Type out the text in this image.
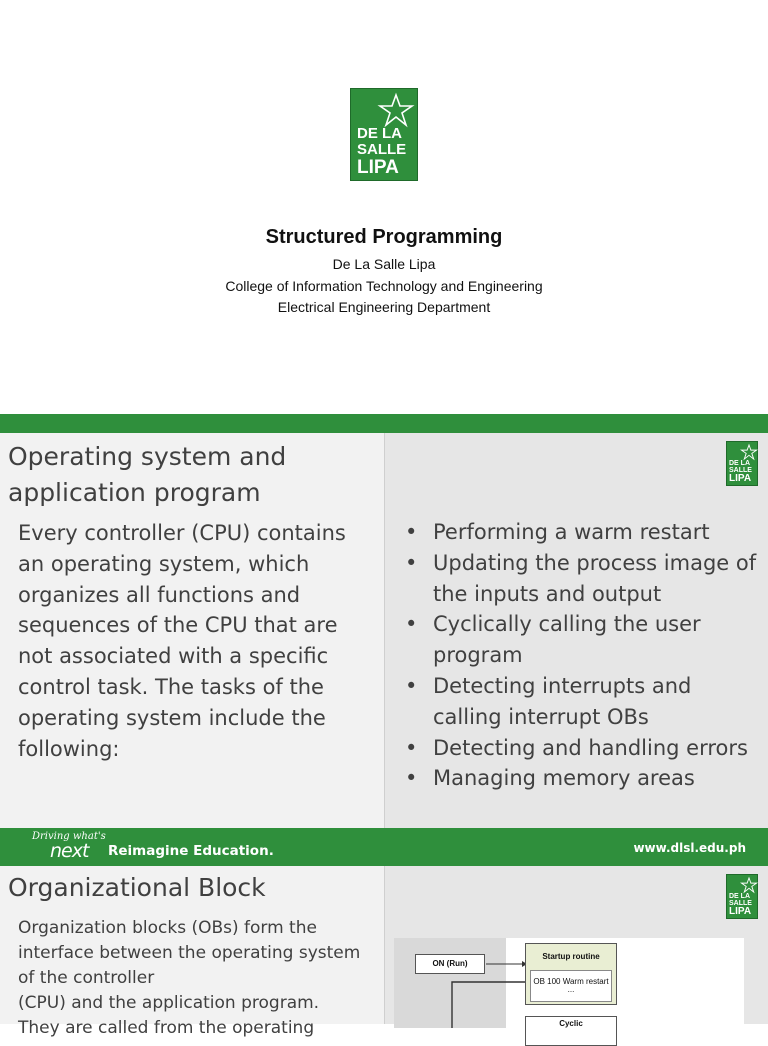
DE LA
SALLE
LIPA
Structured Programming
De La Salle Lipa
College of Information Technology and Engineering
Electrical Engineering Department
Operating system and
application program
Every controller (CPU) contains an operating system, which organizes all functions and sequences of the CPU that are not associated with a specific control task. The tasks of the operating system include the following:
DE LA
SALLE
LIPA
• Performing a warm restart
• Updating the process image of the inputs and output
• Cyclically calling the user program
• Detecting interrupts and calling interrupt OBs
• Detecting and handling errors
• Managing memory areas
Driving what's
next Reimagine Education.	www.dlsl.edu.ph
Organizational Block
Organization blocks (OBs) form the
interface between the operating system
of the controller
(CPU) and the application program.
They are called from the operating
DE LA
SALLE
LIPA
ON (Run)
Startup routine
OB 100 Warm restart
...
Cyclic
